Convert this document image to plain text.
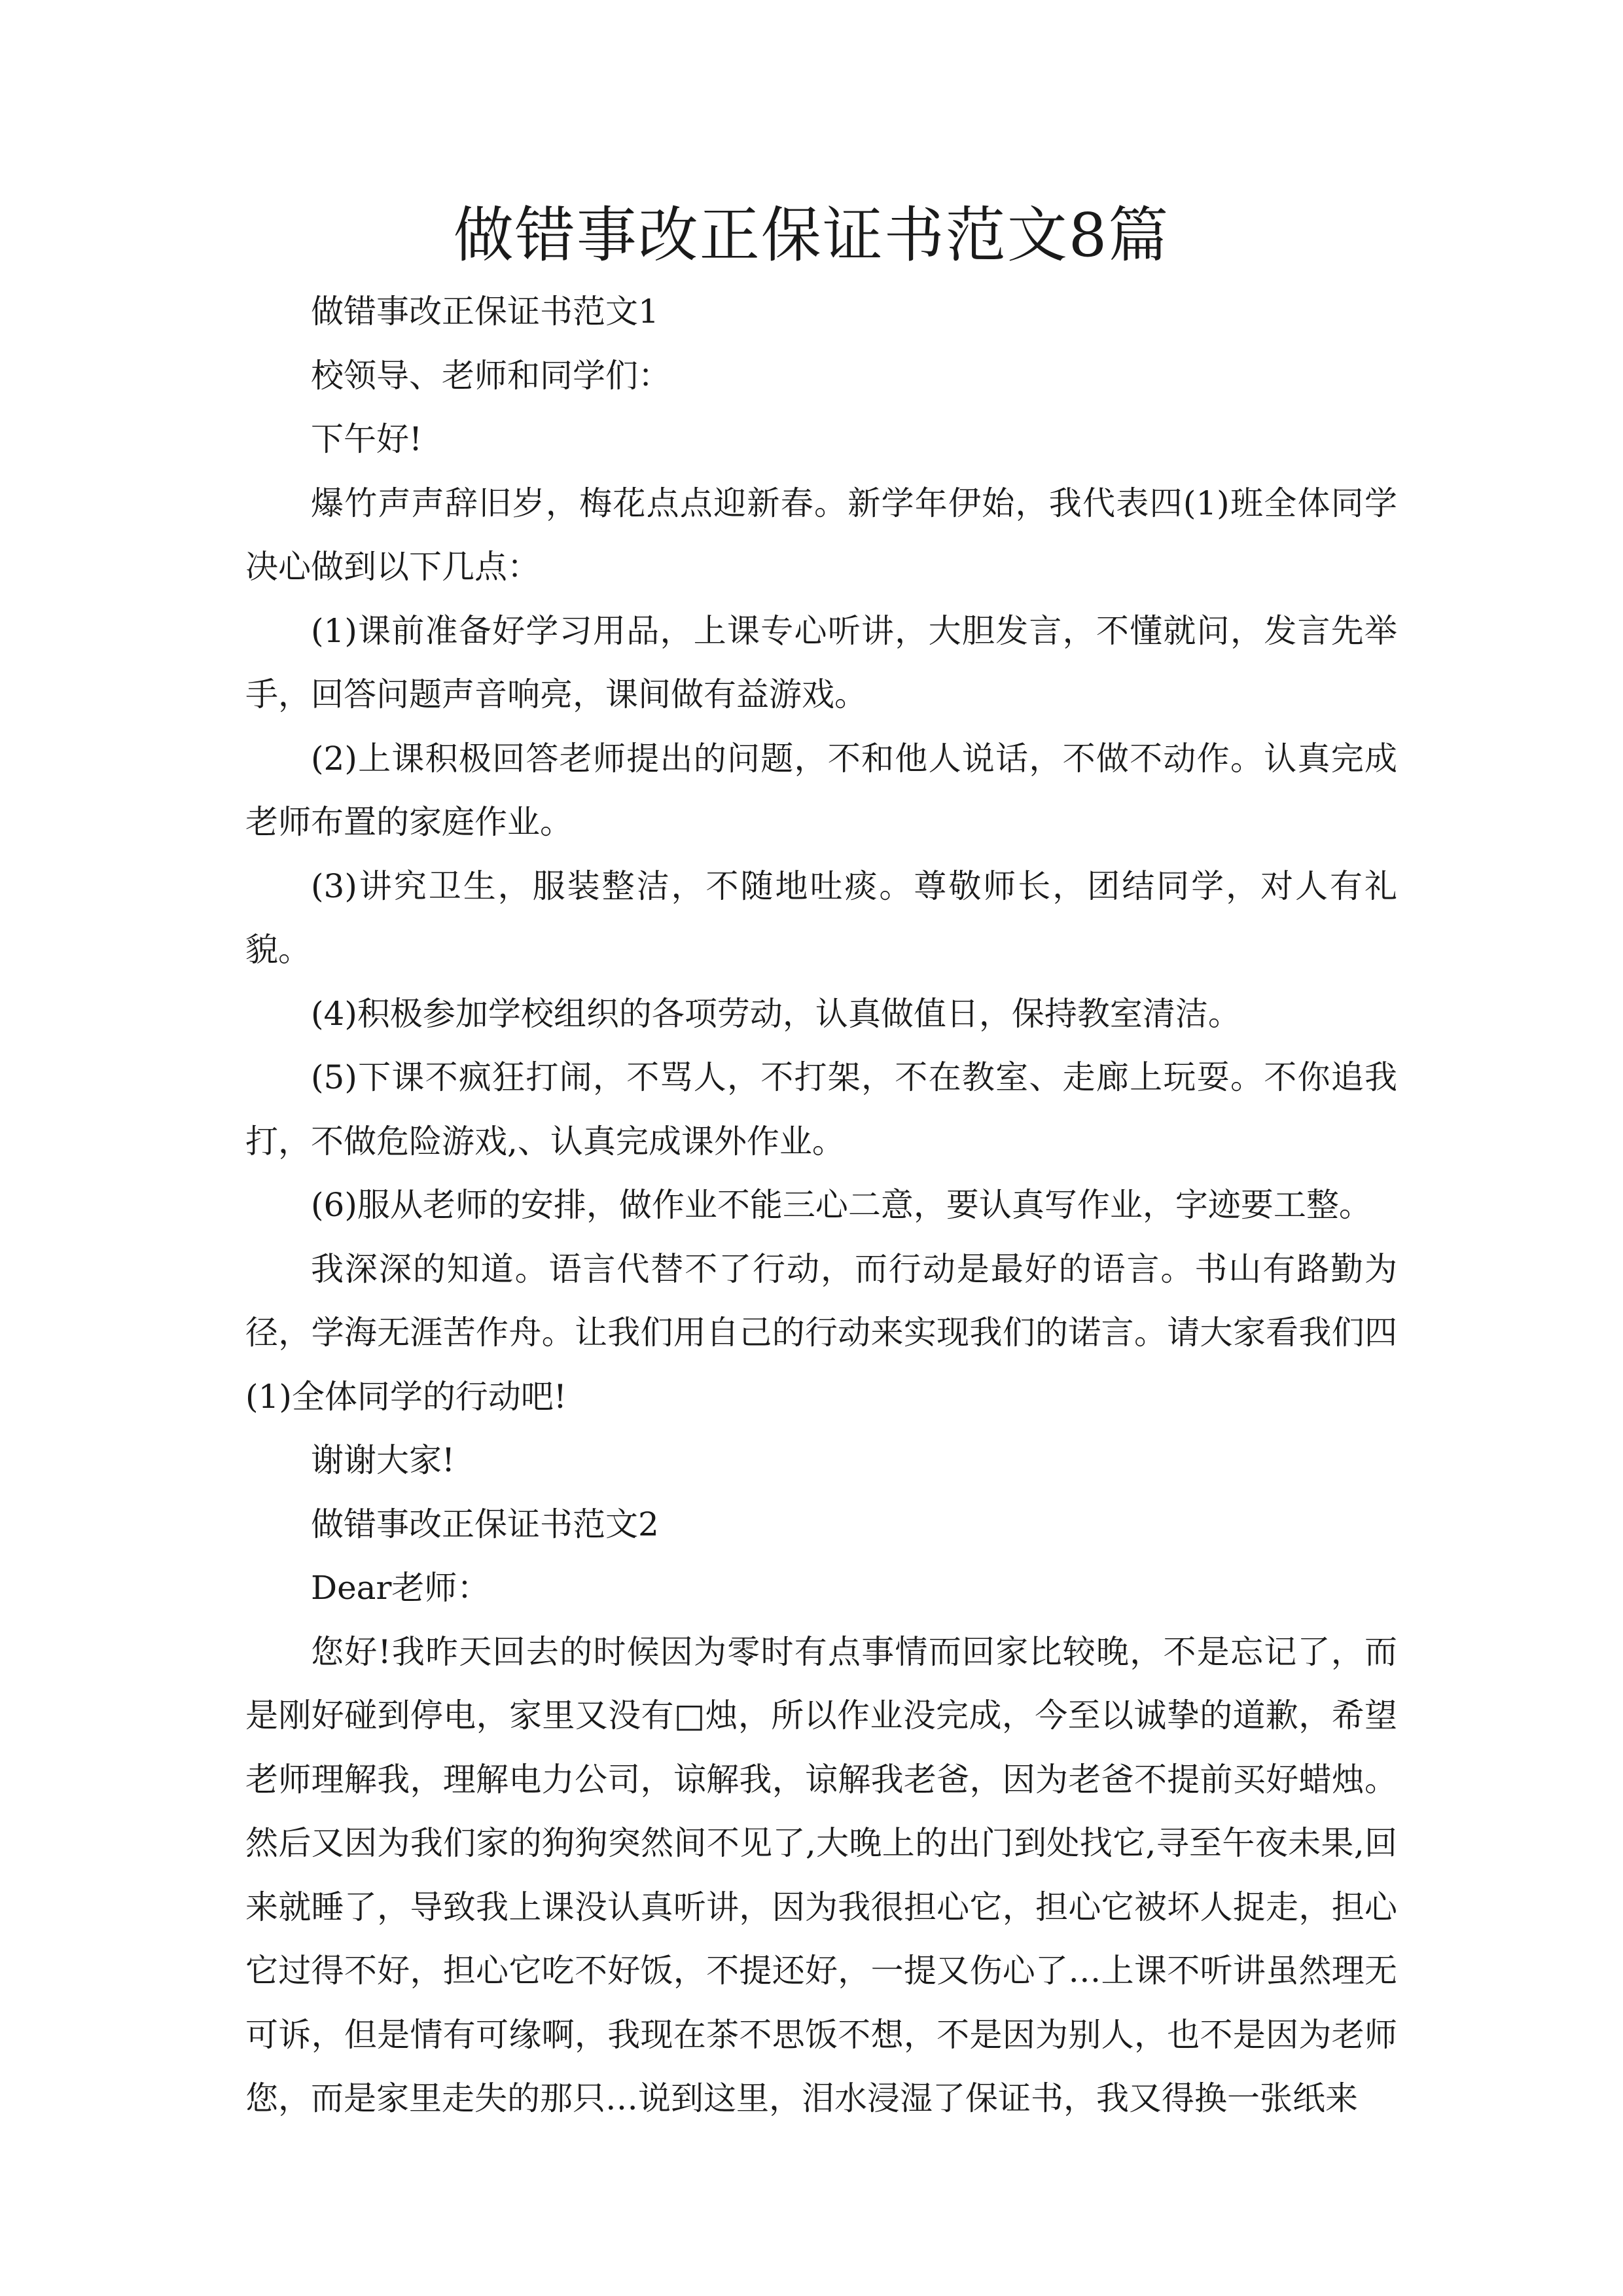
做错事改正保证书范文8篇

做错事改正保证书范文1

校领导、老师和同学们：

下午好!

爆竹声声辞旧岁，梅花点点迎新春。新学年伊始，我代表四(1)班全体同学决心做到以下几点：

(1)课前准备好学习用品，上课专心听讲，大胆发言，不懂就问，发言先举手，回答问题声音响亮，课间做有益游戏。

(2)上课积极回答老师提出的问题，不和他人说话，不做不动作。认真完成老师布置的家庭作业。

(3)讲究卫生，服装整洁，不随地吐痰。尊敬师长，团结同学，对人有礼貌。

(4)积极参加学校组织的各项劳动，认真做值日，保持教室清洁。

(5)下课不疯狂打闹，不骂人，不打架，不在教室、走廊上玩耍。不你追我打，不做危险游戏,、认真完成课外作业。

(6)服从老师的安排，做作业不能三心二意，要认真写作业，字迹要工整。

我深深的知道。语言代替不了行动，而行动是最好的语言。书山有路勤为径，学海无涯苦作舟。让我们用自己的行动来实现我们的诺言。请大家看我们四(1)全体同学的行动吧!

谢谢大家!

做错事改正保证书范文2

Dear老师：

您好!我昨天回去的时候因为零时有点事情而回家比较晚，不是忘记了，而是刚好碰到停电，家里又没有□烛，所以作业没完成，今至以诚挚的道歉，希望老师理解我，理解电力公司，谅解我，谅解我老爸，因为老爸不提前买好蜡烛。然后又因为我们家的狗狗突然间不见了,大晚上的出门到处找它,寻至午夜未果,回来就睡了，导致我上课没认真听讲，因为我很担心它，担心它被坏人捉走，担心它过得不好，担心它吃不好饭，不提还好，一提又伤心了…上课不听讲虽然理无可诉，但是情有可缘啊，我现在茶不思饭不想，不是因为别人，也不是因为老师您，而是家里走失的那只…说到这里，泪水浸湿了保证书，我又得换一张纸来
